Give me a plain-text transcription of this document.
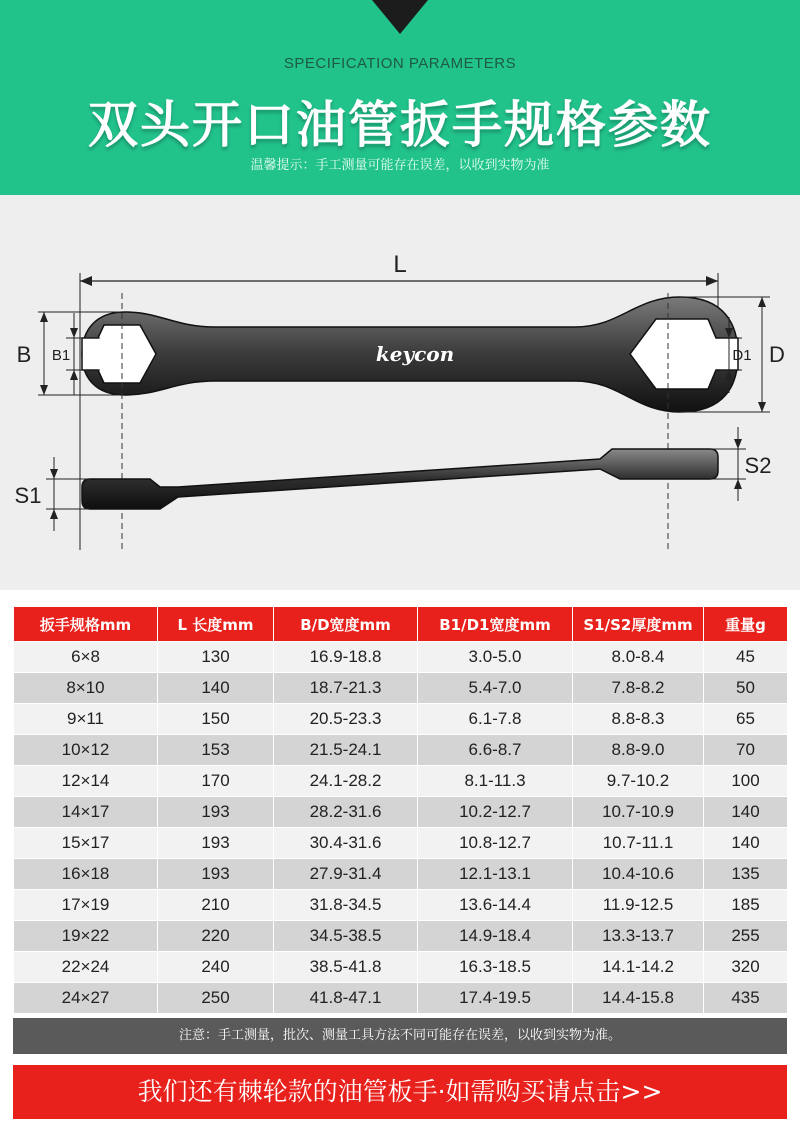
SPECIFICATION PARAMETERS
双头开口油管扳手规格参数
温馨提示：手工测量可能存在误差，以收到实物为准
L
keycon
B B1	D
D1
S1
S2
扳手规格mm	L 长度mm	B/D宽度mm	B1/D1宽度mm	S1/S2厚度mm	重量g
6×8	130	16.9-18.8	3.0-5.0	8.0-8.4	45
8×10	140	18.7-21.3	5.4-7.0	7.8-8.2	50
9×11	150	20.5-23.3	6.1-7.8	8.8-8.3	65
10×12	153	21.5-24.1	6.6-8.7	8.8-9.0	70
12×14	170	24.1-28.2	8.1-11.3	9.7-10.2	100
14×17	193	28.2-31.6	10.2-12.7	10.7-10.9	140
15×17	193	30.4-31.6	10.8-12.7	10.7-11.1	140
16×18	193	27.9-31.4	12.1-13.1	10.4-10.6	135
17×19	210	31.8-34.5	13.6-14.4	11.9-12.5	185
19×22	220	34.5-38.5	14.9-18.4	13.3-13.7	255
22×24	240	38.5-41.8	16.3-18.5	14.1-14.2	320
24×27	250	41.8-47.1	17.4-19.5	14.4-15.8	435
注意：手工测量，批次、测量工具方法不同可能存在误差，以收到实物为准。
我们还有棘轮款的油管板手·如需购买请点击>>
